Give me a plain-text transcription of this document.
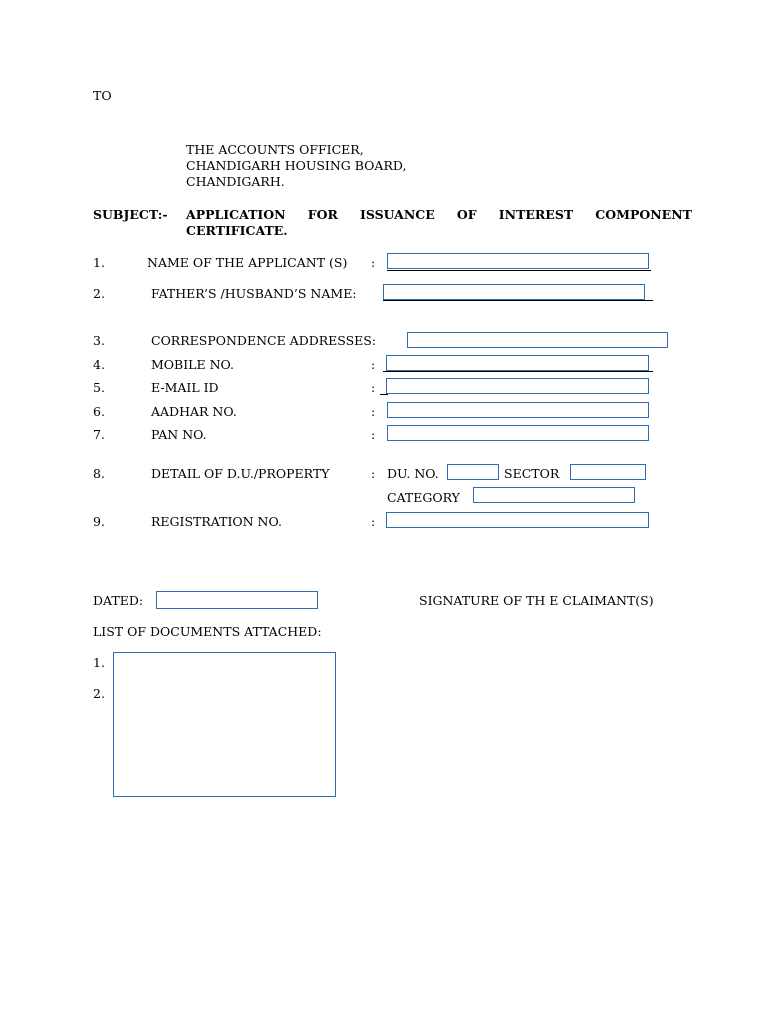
TO
THE ACCOUNTS OFFICER,
CHANDIGARH HOUSING BOARD,
CHANDIGARH.
SUBJECT:- APPLICATION FOR ISSUANCE OF INTEREST COMPONENT
CERTIFICATE.
1.	NAME OF THE APPLICANT (S) :
2.	FATHER’S /HUSBAND’S NAME:
3.	CORRESPONDENCE ADDRESSES:
4.	MOBILE NO.	:
5.	E-MAIL ID	:
6.	AADHAR NO.	:
7.	PAN NO.	:
8.	DETAIL OF D.U./PROPERTY	: DU. NO.	SECTOR
CATEGORY
9.	REGISTRATION NO.	:
DATED:	SIGNATURE OF TH E CLAIMANT(S)
LIST OF DOCUMENTS ATTACHED:
1.
2.
